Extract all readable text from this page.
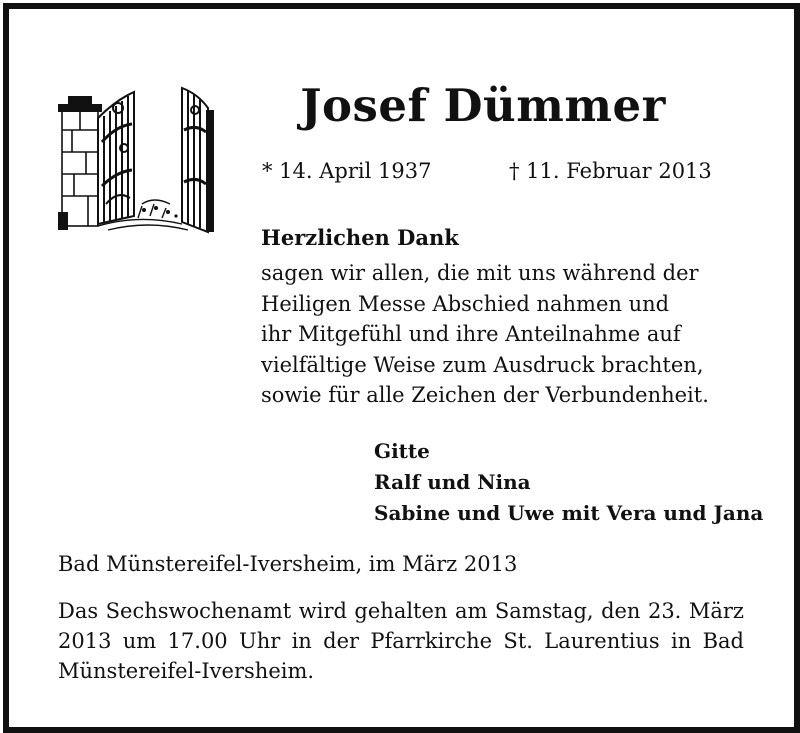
Josef Dümmer
* 14. April 1937	† 11. Februar 2013
Herzlichen Dank
sagen wir allen, die mit uns während der
Heiligen Messe Abschied nahmen und
ihr Mitgefühl und ihre Anteilnahme auf
vielfältige Weise zum Ausdruck brachten,
sowie für alle Zeichen der Verbundenheit.
Gitte
Ralf und Nina
Sabine und Uwe mit Vera und Jana
Bad Münstereifel-Iversheim, im März 2013
Das Sechswochenamt wird gehalten am Samstag, den 23. März
2013 um 17.00 Uhr in der Pfarrkirche St. Laurentius in Bad
Münstereifel-Iversheim.
